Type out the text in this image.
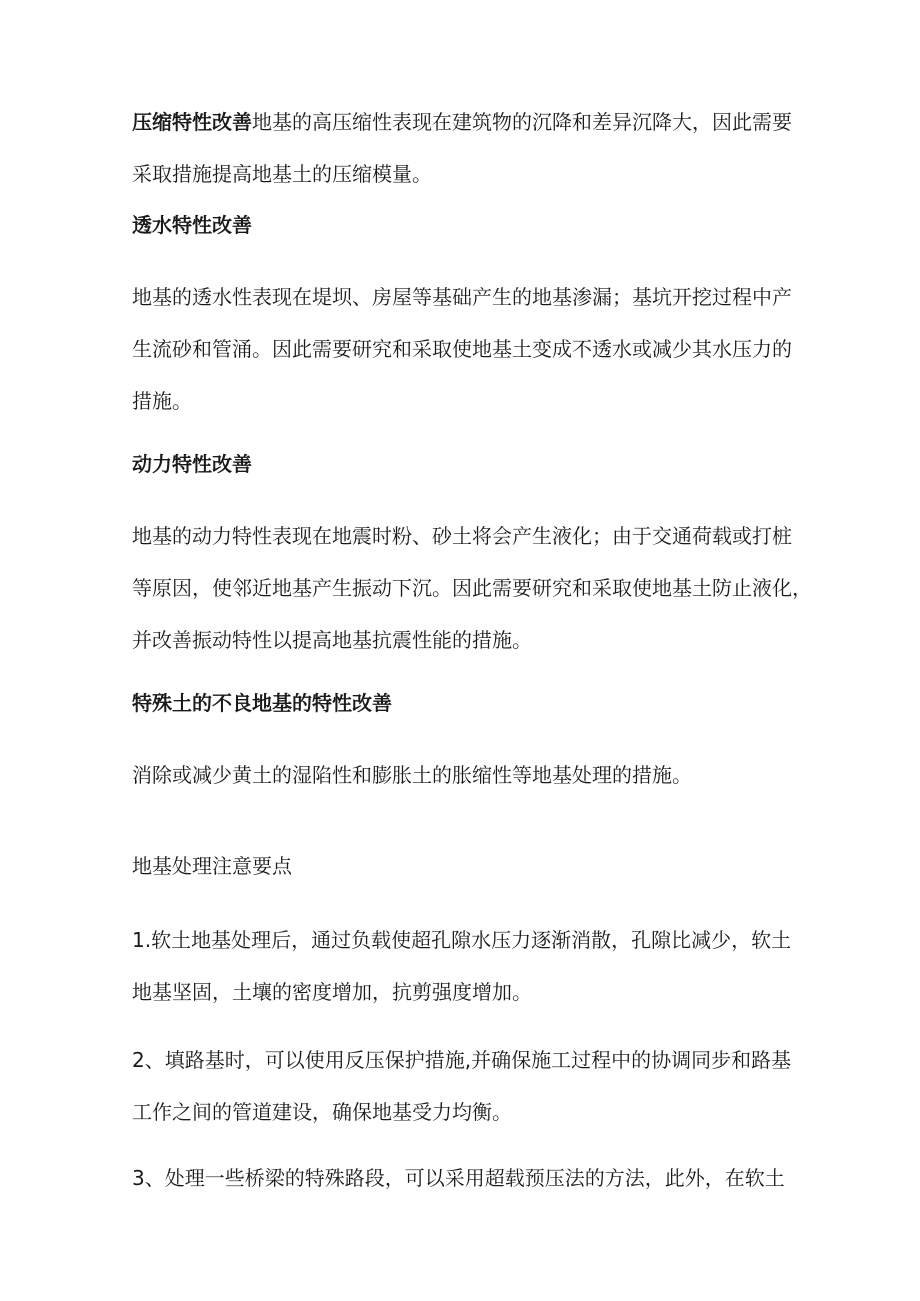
压缩特性改善地基的高压缩性表现在建筑物的沉降和差异沉降大，因此需要
采取措施提高地基土的压缩模量。
透水特性改善
地基的透水性表现在堤坝、房屋等基础产生的地基渗漏；基坑开挖过程中产
生流砂和管涌。因此需要研究和采取使地基土变成不透水或减少其水压力的
措施。
动力特性改善
地基的动力特性表现在地震时粉、砂土将会产生液化；由于交通荷载或打桩
等原因，使邻近地基产生振动下沉。因此需要研究和采取使地基土防止液化，
并改善振动特性以提高地基抗震性能的措施。
特殊土的不良地基的特性改善
消除或减少黄土的湿陷性和膨胀土的胀缩性等地基处理的措施。
地基处理注意要点
1.软土地基处理后，通过负载使超孔隙水压力逐渐消散，孔隙比减少，软土
地基坚固，土壤的密度增加，抗剪强度增加。
2、填路基时，可以使用反压保护措施,并确保施工过程中的协调同步和路基
工作之间的管道建设，确保地基受力均衡。
3、处理一些桥梁的特殊路段，可以采用超载预压法的方法，此外，在软土
